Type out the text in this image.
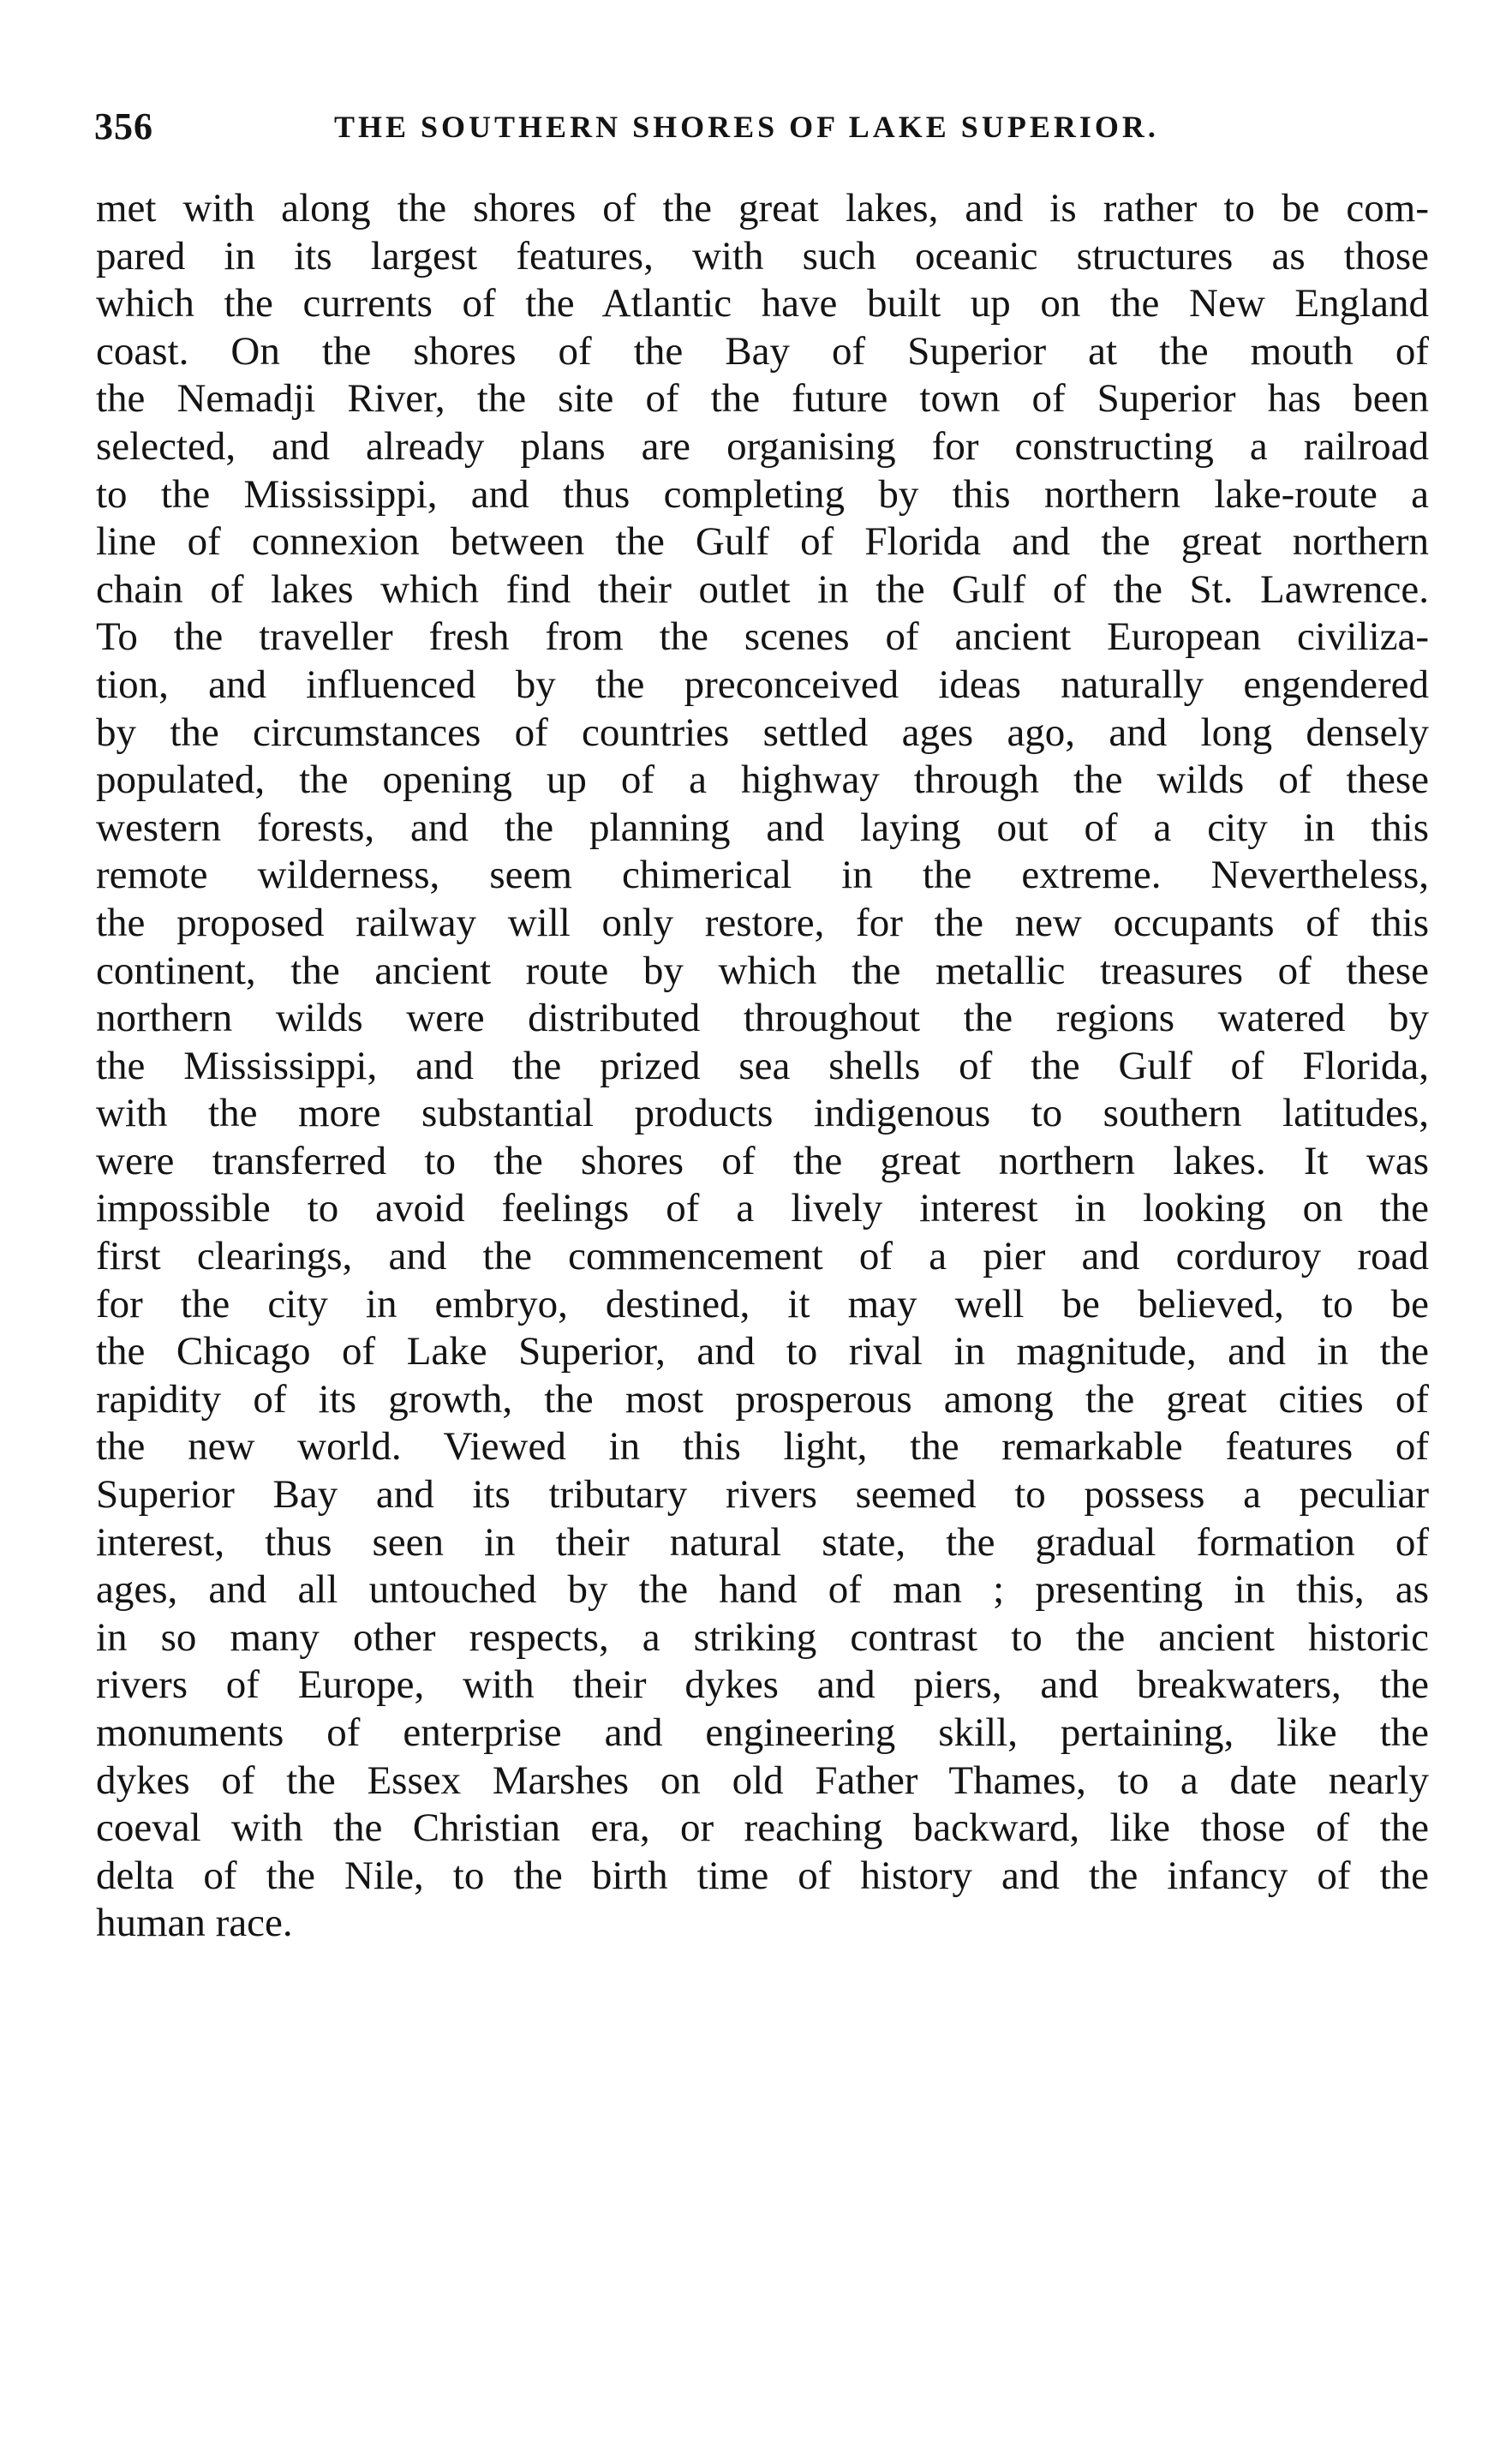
356	THE SOUTHERN SHORES OF LAKE SUPERIOR.
met with along the shores of the great lakes, and is rather to be com-
pared in its largest features, with such oceanic structures as those
which the currents of the Atlantic have built up on the New England
coast. On the shores of the Bay of Superior at the mouth of
the Nemadji River, the site of the future town of Superior has been
selected, and already plans are organising for constructing a railroad
to the Mississippi, and thus completing by this northern lake-route a
line of connexion between the Gulf of Florida and the great northern
chain of lakes which find their outlet in the Gulf of the St. Lawrence.
To the traveller fresh from the scenes of ancient European civiliza-
tion, and influenced by the preconceived ideas naturally engendered
by the circumstances of countries settled ages ago, and long densely
populated, the opening up of a highway through the wilds of these
western forests, and the planning and laying out of a city in this
remote wilderness, seem chimerical in the extreme. Nevertheless,
the proposed railway will only restore, for the new occupants of this
continent, the ancient route by which the metallic treasures of these
northern wilds were distributed throughout the regions watered by
the Mississippi, and the prized sea shells of the Gulf of Florida,
with the more substantial products indigenous to southern latitudes,
were transferred to the shores of the great northern lakes. It was
impossible to avoid feelings of a lively interest in looking on the
first clearings, and the commencement of a pier and corduroy road
for the city in embryo, destined, it may well be believed, to be
the Chicago of Lake Superior, and to rival in magnitude, and in the
rapidity of its growth, the most prosperous among the great cities of
the new world. Viewed in this light, the remarkable features of
Superior Bay and its tributary rivers seemed to possess a peculiar
interest, thus seen in their natural state, the gradual formation of
ages, and all untouched by the hand of man ; presenting in this, as
in so many other respects, a striking contrast to the ancient historic
rivers of Europe, with their dykes and piers, and breakwaters, the
monuments of enterprise and engineering skill, pertaining, like the
dykes of the Essex Marshes on old Father Thames, to a date nearly
coeval with the Christian era, or reaching backward, like those of the
delta of the Nile, to the birth time of history and the infancy of the
human race.
